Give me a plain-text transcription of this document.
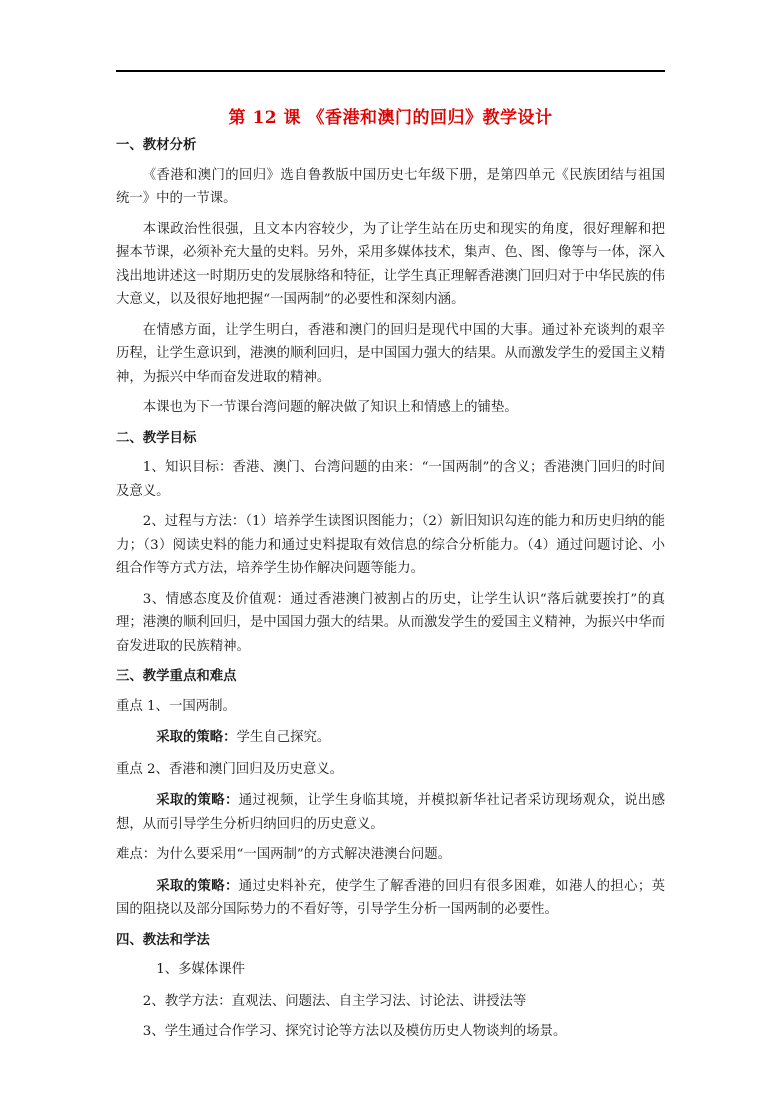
第 12 课 《香港和澳门的回归》教学设计
一、教材分析
《香港和澳门的回归》选自鲁教版中国历史七年级下册，是第四单元《民族团结与祖国统一》中的一节课。
本课政治性很强，且文本内容较少，为了让学生站在历史和现实的角度，很好理解和把握本节课，必须补充大量的史料。另外，采用多媒体技术，集声、色、图、像等与一体，深入浅出地讲述这一时期历史的发展脉络和特征，让学生真正理解香港澳门回归对于中华民族的伟大意义，以及很好地把握“一国两制”的必要性和深刻内涵。
在情感方面，让学生明白，香港和澳门的回归是现代中国的大事。通过补充谈判的艰辛历程，让学生意识到，港澳的顺利回归，是中国国力强大的结果。从而激发学生的爱国主义精神，为振兴中华而奋发进取的精神。
本课也为下一节课台湾问题的解决做了知识上和情感上的铺垫。
二、教学目标
1、知识目标：香港、澳门、台湾问题的由来：“一国两制”的含义；香港澳门回归的时间及意义。
2、过程与方法：（1）培养学生读图识图能力；（2）新旧知识勾连的能力和历史归纳的能力；（3）阅读史料的能力和通过史料提取有效信息的综合分析能力。（4）通过问题讨论、小组合作等方式方法，培养学生协作解决问题等能力。
3、情感态度及价值观：通过香港澳门被割占的历史，让学生认识“落后就要挨打”的真理；港澳的顺利回归，是中国国力强大的结果。从而激发学生的爱国主义精神，为振兴中华而奋发进取的民族精神。
三、教学重点和难点
重点 1、一国两制。
采取的策略：学生自己探究。
重点 2、香港和澳门回归及历史意义。
采取的策略：通过视频，让学生身临其境，并模拟新华社记者采访现场观众，说出感想，从而引导学生分析归纳回归的历史意义。
难点：为什么要采用“一国两制”的方式解决港澳台问题。
采取的策略：通过史料补充，使学生了解香港的回归有很多困难，如港人的担心；英国的阻挠以及部分国际势力的不看好等，引导学生分析一国两制的必要性。
四、教法和学法
1、多媒体课件
2、教学方法：直观法、问题法、自主学习法、讨论法、讲授法等
3、学生通过合作学习、探究讨论等方法以及模仿历史人物谈判的场景。
